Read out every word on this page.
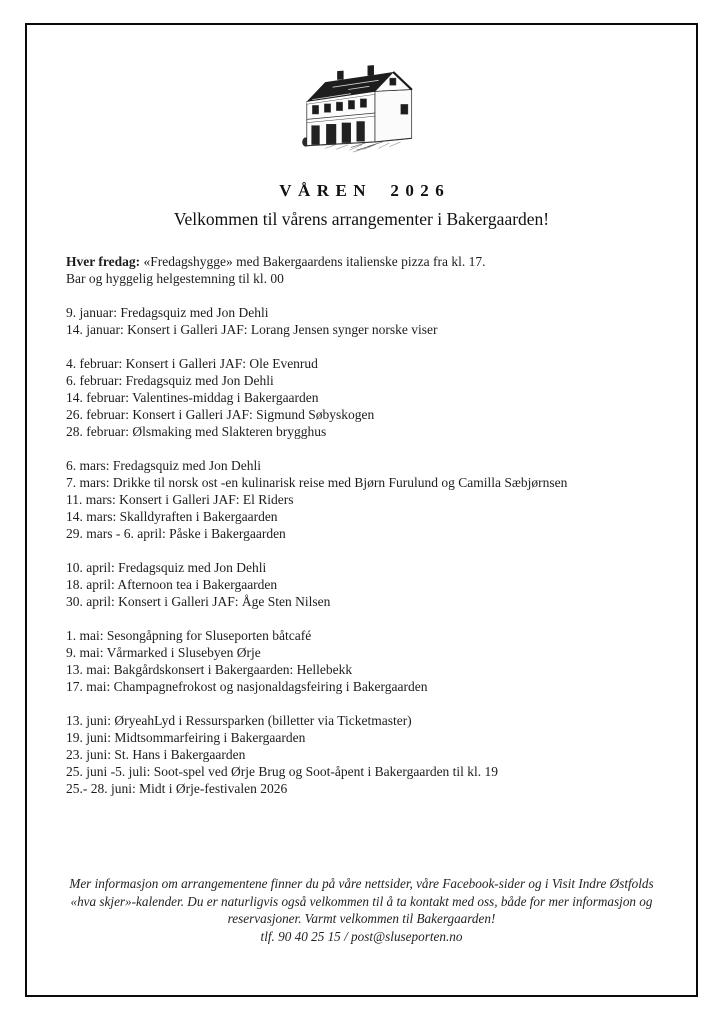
VÅREN 2026
Velkommen til vårens arrangementer i Bakergaarden!

Hver fredag: «Fredagshygge» med Bakergaardens italienske pizza fra kl. 17.

Bar og hyggelig helgestemning til kl. 00

9. januar: Fredagsquiz med Jon Dehli

14. januar: Konsert i Galleri JAF: Lorang Jensen synger norske viser

4. februar: Konsert i Galleri JAF: Ole Evenrud

6. februar: Fredagsquiz med Jon Dehli

14. februar: Valentines-middag i Bakergaarden

26. februar: Konsert i Galleri JAF: Sigmund Søbyskogen

28. februar: Ølsmaking med Slakteren brygghus

6. mars: Fredagsquiz med Jon Dehli

7. mars: Drikke til norsk ost -en kulinarisk reise med Bjørn Furulund og Camilla Sæbjørnsen

11. mars: Konsert i Galleri JAF: El Riders

14. mars: Skalldyraften i Bakergaarden

29. mars - 6. april: Påske i Bakergaarden

10. april: Fredagsquiz med Jon Dehli

18. april: Afternoon tea i Bakergaarden

30. april: Konsert i Galleri JAF: Åge Sten Nilsen

1. mai: Sesongåpning for Sluseporten båtcafé

9. mai: Vårmarked i Slusebyen Ørje

13. mai: Bakgårdskonsert i Bakergaarden: Hellebekk

17. mai: Champagnefrokost og nasjonaldagsfeiring i Bakergaarden

13. juni: ØryeahLyd i Ressursparken (billetter via Ticketmaster)

19. juni: Midtsommarfeiring i Bakergaarden

23. juni: St. Hans i Bakergaarden

25. juni -5. juli: Soot-spel ved Ørje Brug og Soot-åpent i Bakergaarden til kl. 19

25.- 28. juni: Midt i Ørje-festivalen 2026

Mer informasjon om arrangementene finner du på våre nettsider, våre Facebook-sider og i Visit Indre Østfolds «hva skjer»-kalender. Du er naturligvis også velkommen til å ta kontakt med oss, både for mer informasjon og reservasjoner. Varmt velkommen til Bakergaarden!

tlf. 90 40 25 15 / post@sluseporten.no
